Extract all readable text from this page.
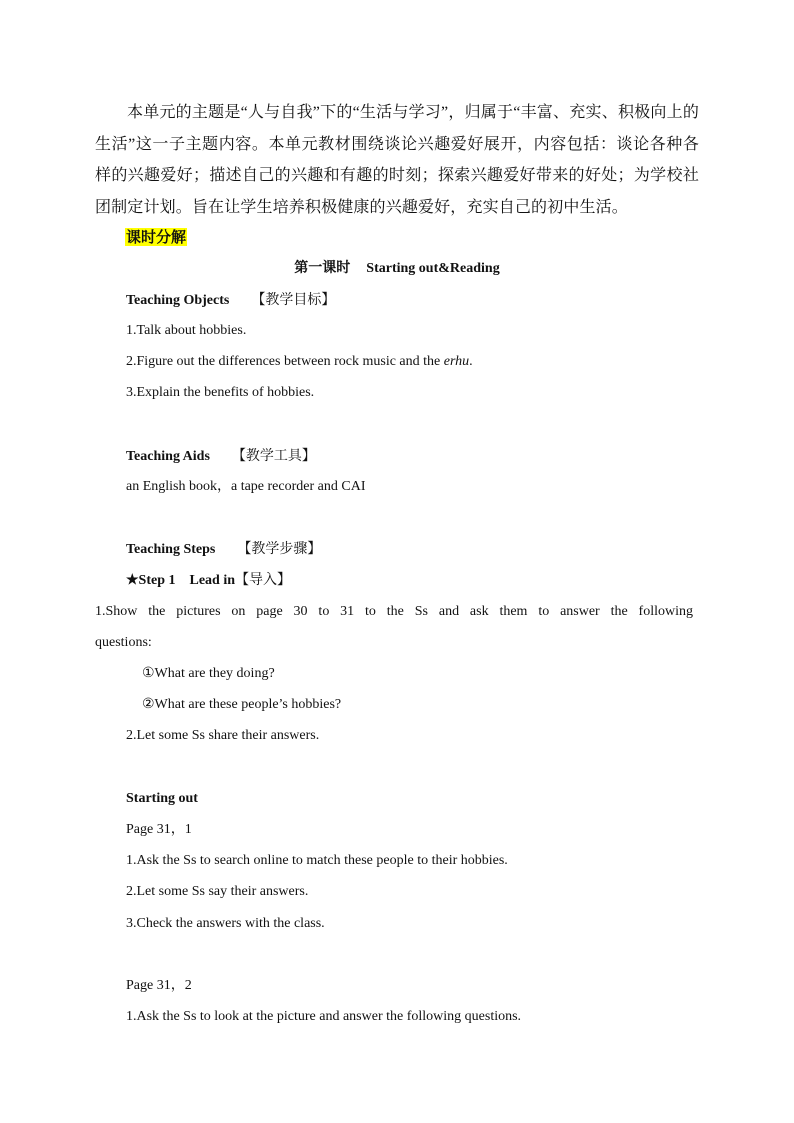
本单元的主题是“人与自我”下的“生活与学习”，归属于“丰富、充实、积极向上的生活”这一子主题内容。本单元教材围绕谈论兴趣爱好展开，内容包括：谈论各种各样的兴趣爱好；描述自己的兴趣和有趣的时刻；探索兴趣爱好带来的好处；为学校社团制定计划。旨在让学生培养积极健康的兴趣爱好，充实自己的初中生活。
课时分解
第一课时 Starting out&Reading
Teaching Objects 【教学目标】
1.Talk about hobbies.
2.Figure out the differences between rock music and the erhu.
3.Explain the benefits of hobbies.
Teaching Aids 【教学工具】
an English book，a tape recorder and CAI
Teaching Steps 【教学步骤】
★Step 1    Lead in【导入】
1.Show the pictures on page 30 to 31 to the Ss and ask them to answer the following
questions:
①What are they doing?
②What are these people’s hobbies?
2.Let some Ss share their answers.
Starting out
Page 31，1
1.Ask the Ss to search online to match these people to their hobbies.
2.Let some Ss say their answers.
3.Check the answers with the class.
Page 31，2
1.Ask the Ss to look at the picture and answer the following questions.
